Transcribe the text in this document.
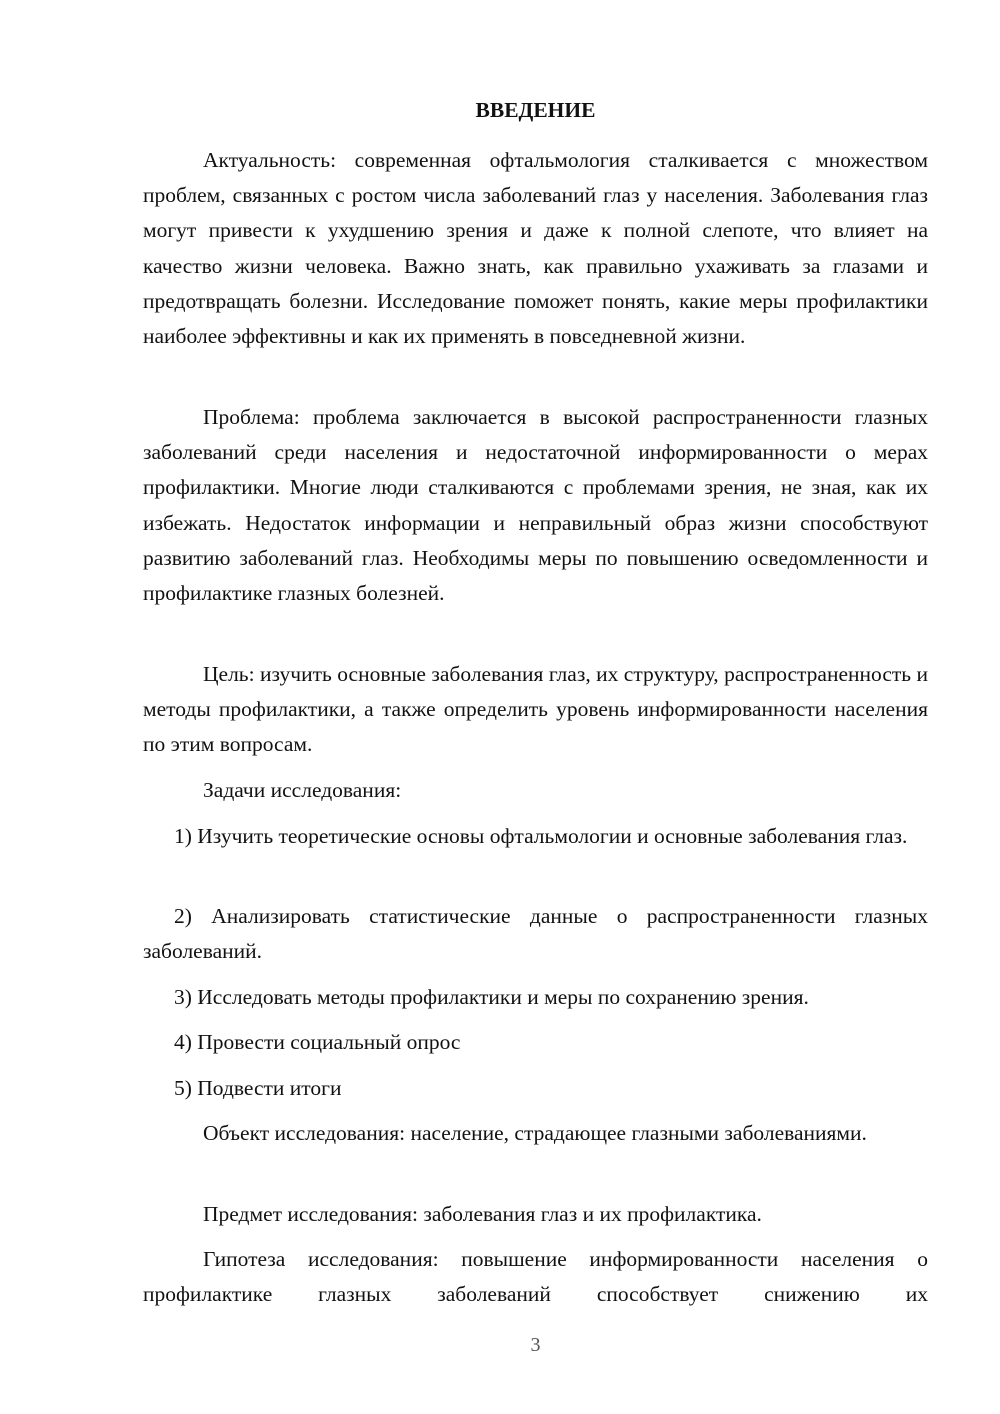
ВВЕДЕНИЕ

Актуальность: современная офтальмология сталкивается с множеством проблем, связанных с ростом числа заболеваний глаз у населения. Заболевания глаз могут привести к ухудшению зрения и даже к полной слепоте, что влияет на качество жизни человека. Важно знать, как правильно ухаживать за глазами и предотвращать болезни. Исследование поможет понять, какие меры профилактики наиболее эффективны и как их применять в повседневной жизни.

Проблема: проблема заключается в высокой распространенности глазных заболеваний среди населения и недостаточной информированности о мерах профилактики. Многие люди сталкиваются с проблемами зрения, не зная, как их избежать. Недостаток информации и неправильный образ жизни способствуют развитию заболеваний глаз. Необходимы меры по повышению осведомленности и профилактике глазных болезней.

Цель: изучить основные заболевания глаз, их структуру, распространенность и методы профилактики, а также определить уровень информированности населения по этим вопросам.

Задачи исследования:

1) Изучить теоретические основы офтальмологии и основные заболевания глаз.

2) Анализировать статистические данные о распространенности глазных заболеваний.

3) Исследовать методы профилактики и меры по сохранению зрения.

4) Провести социальный опрос

5) Подвести итоги

Объект исследования: население, страдающее глазными заболеваниями.

Предмет исследования: заболевания глаз и их профилактика.

Гипотеза исследования: повышение информированности населения о профилактике глазных заболеваний способствует снижению их

3
